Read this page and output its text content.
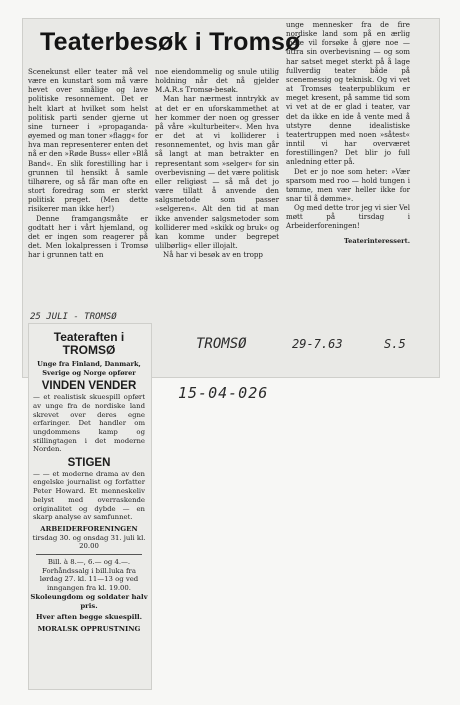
Teaterbesøk i Tromsø

Scenekunst eller teater må vel være en kunstart som må være hevet over smålige og lave politiske resonnement. Det er helt klart at hvilket som helst politisk parti sender gjerne ut sine turneer i »propaganda-øyemed og man toner »flagg« for hva man representerer enten det nå er den »Røde Buss« eller »Blå Band«. En slik forestilling har i grunnen til hensikt å samle tilhørere, og så får man ofte en stort foredrag som er sterkt politisk preget. (Men dette risikerer man ikke her!)

Denne framgangsmåte er godtatt her i vårt hjemland, og det er ingen som reagerer på det. Men lokalpressen i Tromsø har i grunnen tatt en

noe eiendommelig og snule utilig holdning når det nå gjelder M.A.R.s Tromsø-besøk.

Man har nærmest inntrykk av at det er en uforskammethet at her kommer der noen og gresser på våre »kulturbeiter«. Men hva er det at vi kolliderer i resonnementet, og hvis man går så langt at man betrakter en representant som »selger« for sin overbevisning — det være politisk eller religiøst — så må det jo være tillatt å anvende den salgsmetode som passer »selgeren«. Alt den tid at man ikke anvender salgsmetoder som kolliderer med »skikk og bruk« og kan komme under begrepet ulilbørlig« eller illojalt.

Nå har vi besøk av en tropp

unge mennesker fra de fire nordiske land som på en ærlig måte vil forsøke å gjøre noe — utfra sin overbevisning — og som har satset meget sterkt på å lage fullverdig teater både på scenemessig og teknisk. Og vi vet at Tromsøs teaterpublikum er meget kresent, på samme tid som vi vet at de er glad i teater, var det da ikke en ide å vente med å utstyre denne idealistiske teatertruppen med noen »såtest« inntil vi har overværet forestillingen? Det blir jo full anledning etter på.

Det er jo noe som heter: »Vær sparsom med roo — hold tungen i tømme, men vær heller ikke for snar til å dømme».

Og med dette tror jeg vi sier Vel møtt på tirsdag i Arbeiderforeningen!

Teaterinteressert.
25 JULI - TROMSØ
TROMSØ	29-7.63	S.5
15-04-026
Teateraften i TROMSØ
Unge fra Finland, Danmark, Sverige og Norge opfører
VINDEN VENDER
— et realistisk skuespill opført av unge fra de nordiske land skrevet over deres egne erfaringer. Det handler om ungdommens kamp og stillingtagen i det moderne Norden.
STIGEN
— — et moderne drama av den engelske journalist og forfatter Peter Howard. Et menneskeliv belyst med overraskende originalitet og dybde — en skarp analyse av samfunnet.
ARBEIDERFORENINGEN
tirsdag 30. og onsdag 31. juli kl. 20.00
Bill. à 8.—, 6.— og 4.—. Forhåndssalg i bill.luka fra lørdag 27. kl. 11—13 og ved inngangen fra kl. 19.00.
Skoleungdom og soldater halv pris.
Hver aften begge skuespill.
MORALSK OPPRUSTNING
